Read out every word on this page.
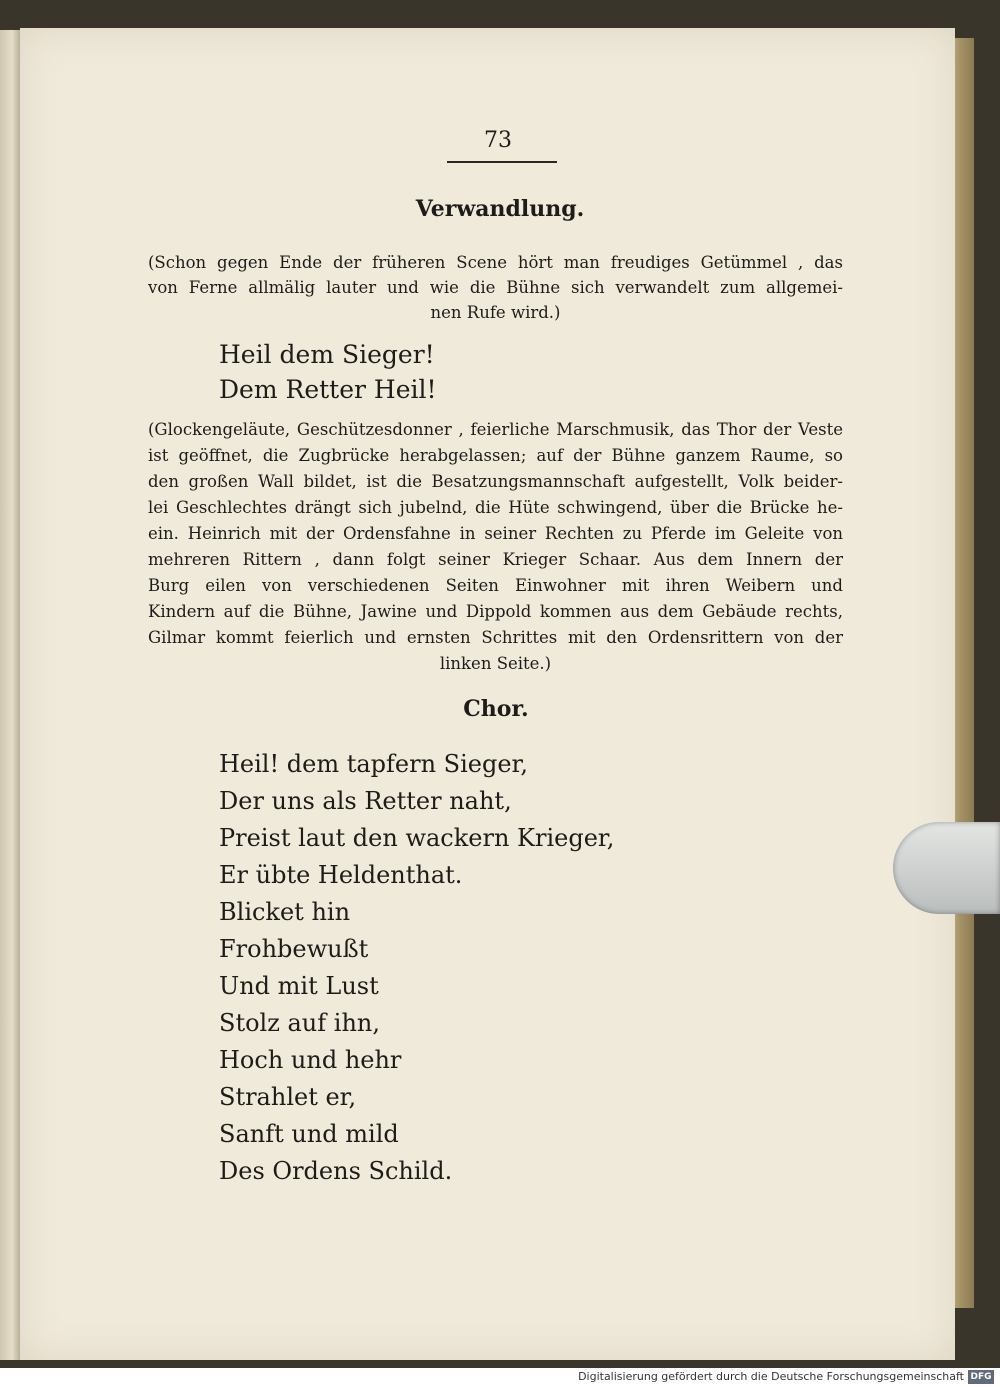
73
Verwandlung.
(Schon gegen Ende der früheren Scene hört man freudiges Getümmel , das
von Ferne allmälig lauter und wie die Bühne sich verwandelt zum allgemei-
nen Rufe wird.)
Heil dem Sieger!
Dem Retter Heil!
(Glockengeläute, Geschützesdonner , feierliche Marschmusik, das Thor der Veste
ist geöffnet, die Zugbrücke herabgelassen; auf der Bühne ganzem Raume, so
den großen Wall bildet, ist die Besatzungsmannschaft aufgestellt, Volk beider-
lei Geschlechtes drängt sich jubelnd, die Hüte schwingend, über die Brücke he-
ein. Heinrich mit der Ordensfahne in seiner Rechten zu Pferde im Geleite von
mehreren Rittern , dann folgt seiner Krieger Schaar. Aus dem Innern der
Burg eilen von verschiedenen Seiten Einwohner mit ihren Weibern und
Kindern auf die Bühne, Jawine und Dippold kommen aus dem Gebäude rechts,
Gilmar kommt feierlich und ernsten Schrittes mit den Ordensrittern von der
linken Seite.)
Chor.
Heil! dem tapfern Sieger,
Der uns als Retter naht,
Preist laut den wackern Krieger,
Er übte Heldenthat.
Blicket hin
Frohbewußt
Und mit Lust
Stolz auf ihn,
Hoch und hehr
Strahlet er,
Sanft und mild
Des Ordens Schild.
Digitalisierung gefördert durch die Deutsche Forschungsgemeinschaft DFG
